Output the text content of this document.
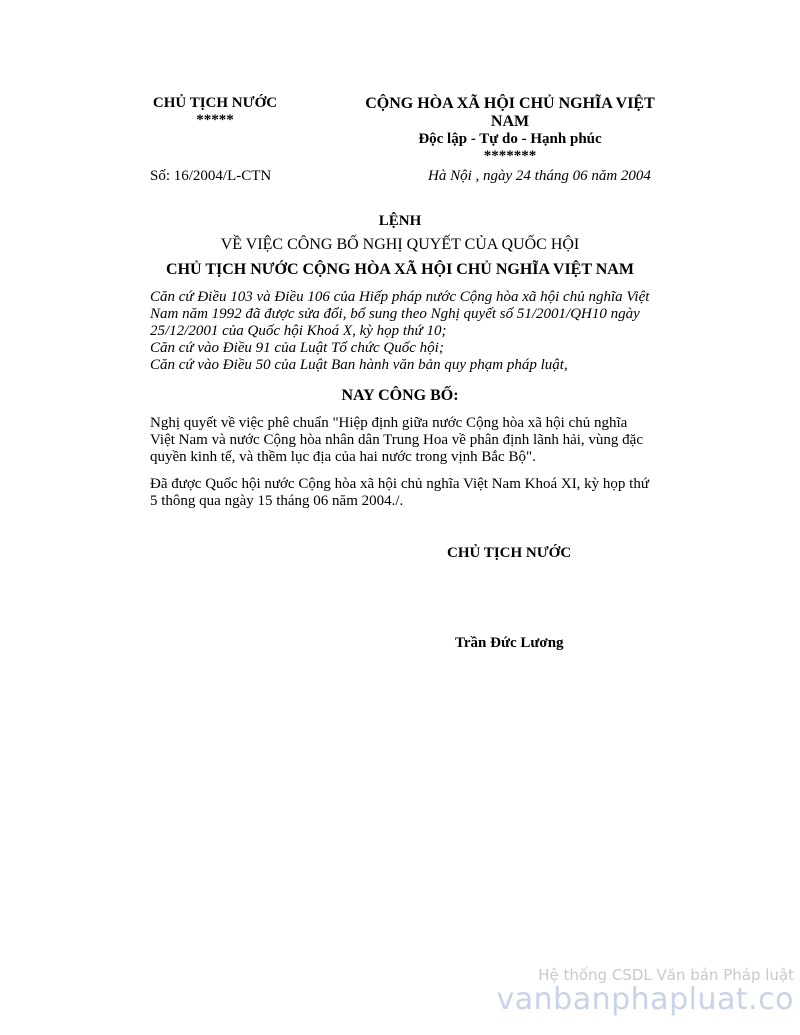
CHỦ TỊCH NƯỚC
*****
CỘNG HÒA XÃ HỘI CHỦ NGHĨA VIỆT
NAM
Độc lập - Tự do - Hạnh phúc
*******
Số: 16/2004/L-CTN	Hà Nội , ngày 24 tháng 06 năm 2004
LỆNH
VỀ VIỆC CÔNG BỐ NGHỊ QUYẾT CỦA QUỐC HỘI
CHỦ TỊCH NƯỚC CỘNG HÒA XÃ HỘI CHỦ NGHĨA VIỆT NAM

Căn cứ Điều 103 và Điều 106 của Hiếp pháp nước Cộng hòa xã hội chủ nghĩa Việt Nam năm 1992 đã được sửa đổi, bổ sung theo Nghị quyết số 51/2001/QH10 ngày 25/12/2001 của Quốc hội Khoá X, kỳ họp thứ 10;

Căn cứ vào Điều 91 của Luật Tổ chức Quốc hội;

Căn cứ vào Điều 50 của Luật Ban hành văn bản quy phạm pháp luật,

NAY CÔNG BỐ:

Nghị quyết về việc phê chuẩn "Hiệp định giữa nước Cộng hòa xã hội chủ nghĩa Việt Nam và nước Cộng hòa nhân dân Trung Hoa về phân định lãnh hải, vùng đặc quyền kinh tế, và thềm lục địa của hai nước trong vịnh Bắc Bộ".

Đã được Quốc hội nước Cộng hòa xã hội chủ nghĩa Việt Nam Khoá XI, kỳ họp thứ 5 thông qua ngày 15 tháng 06 năm 2004./.

CHỦ TỊCH NƯỚC
Trần Đức Lương
Hệ thống CSDL Văn bản Pháp luật
vanbanphapluat.co
